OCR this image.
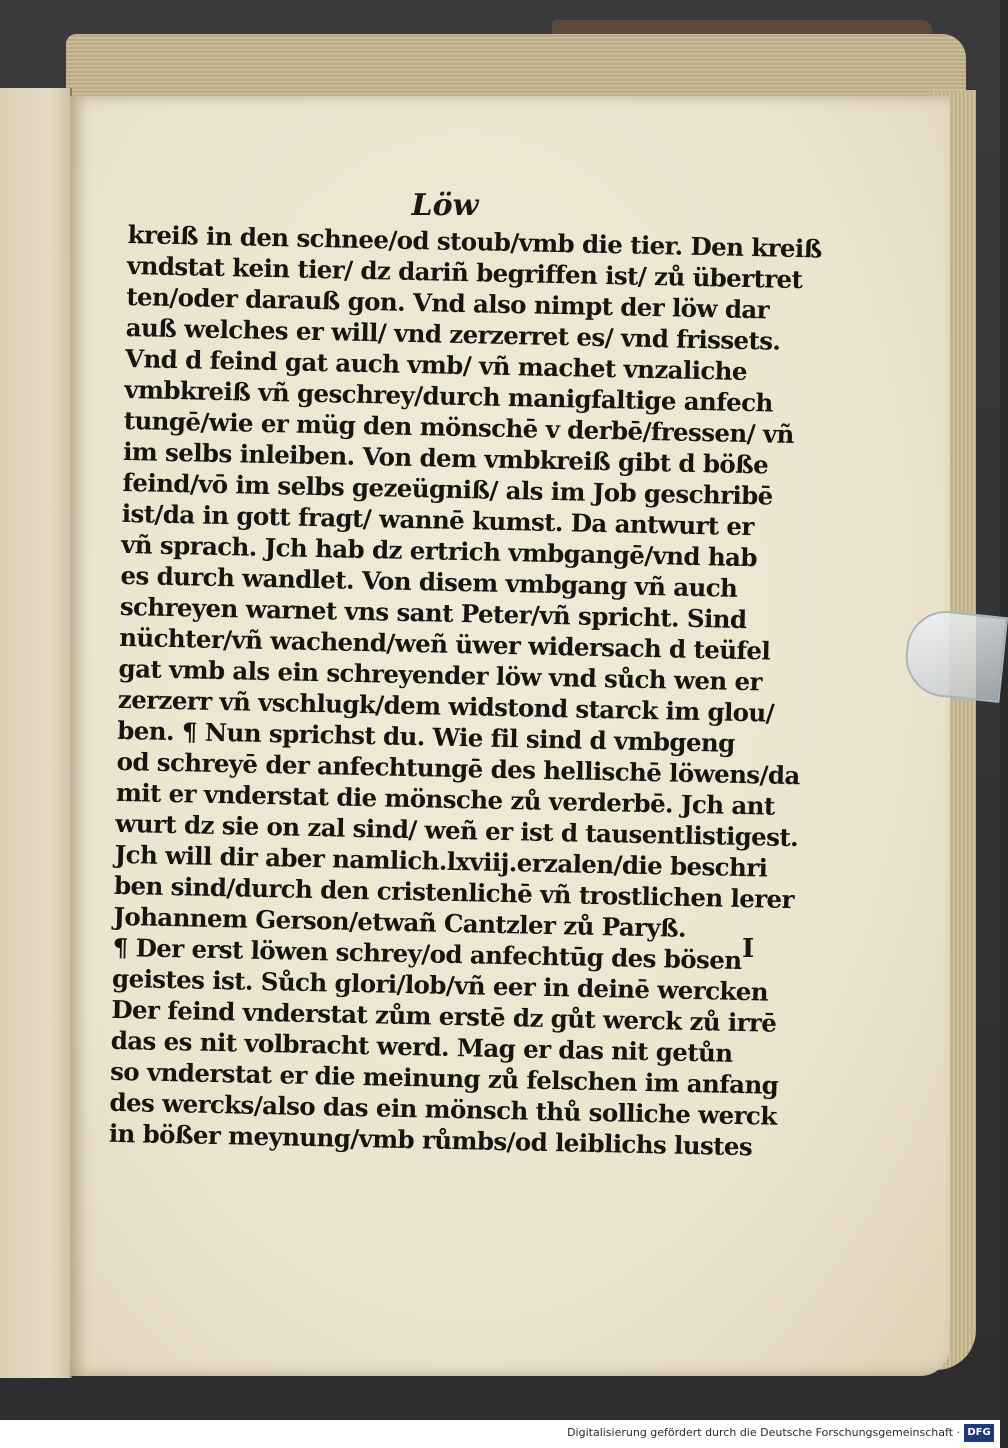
Löw
kreiß in den schnee/od stoub/vmb die tier. Den kreiß
vndstat kein tier/ dz dariñ begriffen ist/ zů übertret
ten/oder darauß gon. Vnd also nimpt der löw dar
auß welches er will/ vnd zerzerret es/ vnd frissets.
Vnd d feind gat auch vmb/ vñ machet vnzaliche
vmbkreiß vñ geschrey/durch manigfaltige anfech
tungē/wie er müg den mönschē v derbē/fressen/ vñ
im selbs inleiben. Von dem vmbkreiß gibt d böße
feind/vō im selbs gezeügniß/ als im Job geschribē
ist/da in gott fragt/ wannē kumst. Da antwurt er
vñ sprach. Jch hab dz ertrich vmbgangē/vnd hab
es durch wandlet. Von disem vmbgang vñ auch
schreyen warnet vns sant Peter/vñ spricht. Sind
nüchter/vñ wachend/weñ üwer widersach d teüfel
gat vmb als ein schreyender löw vnd sůch wen er
zerzerr vñ vschlugk/dem widstond starck im glou/
ben. ¶ Nun sprichst du. Wie fil sind d vmbgeng
od schreyē der anfechtungē des hellischē löwens/da
mit er vnderstat die mönsche zů verderbē. Jch ant
wurt dz sie on zal sind/ weñ er ist d tausentlistigest.
Jch will dir aber namlich.lxviij.erzalen/die beschri
ben sind/durch den cristenlichē vñ trostlichen lerer
Johannem Gerson/etwañ Cantzler zů Paryß.
¶ Der erst löwen schrey/od anfechtūg des bösen
geistes ist. Sůch glori/lob/vñ eer in deinē wercken
Der feind vnderstat zům erstē dz gůt werck zů irrē
das es nit volbracht werd. Mag er das nit getůn
so vnderstat er die meinung zů felschen im anfang
des wercks/also das ein mönsch thů solliche werck
in bößer meynung/vmb růmbs/od leiblichs lustes
I
Digitalisierung gefördert durch die Deutsche Forschungsgemeinschaft · DFG
